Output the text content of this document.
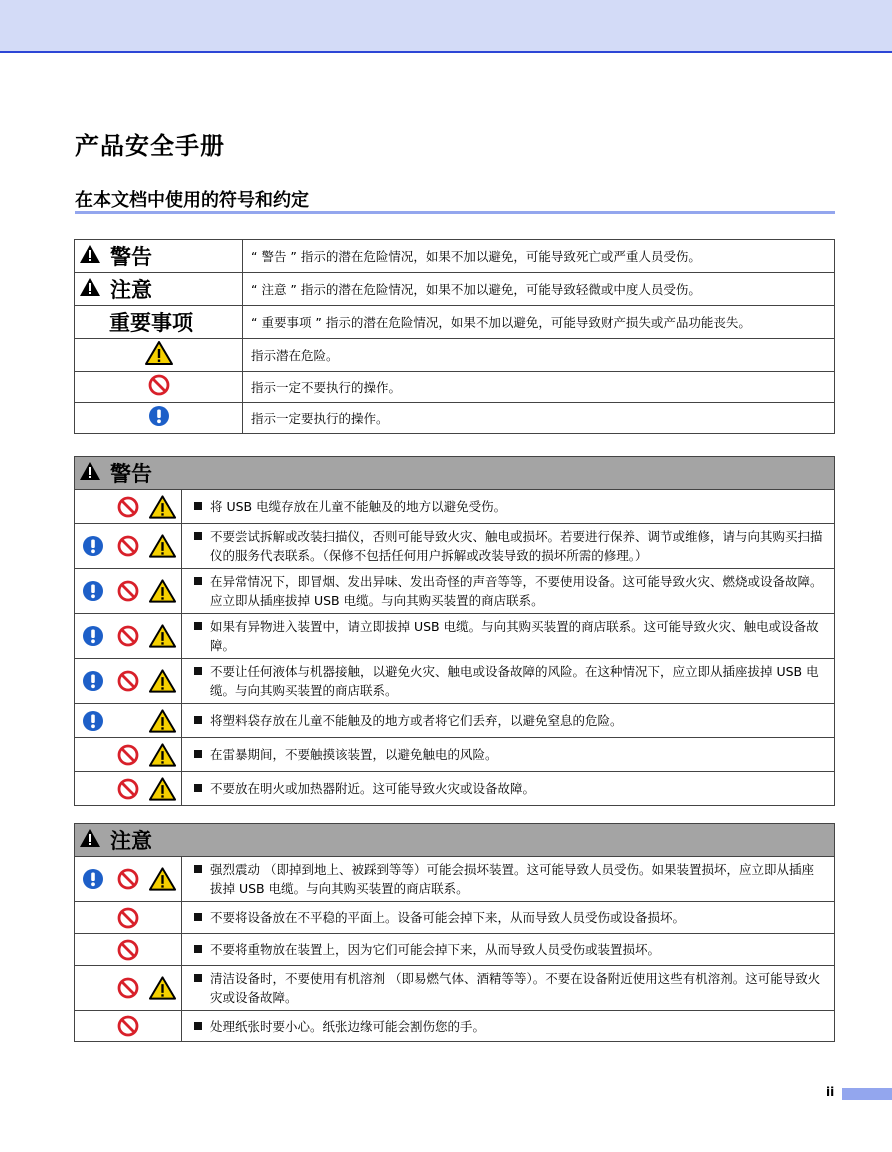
产品安全手册
在本文档中使用的符号和约定
警告	“ 警告 ” 指示的潜在危险情况，如果不加以避免，可能导致死亡或严重人员受伤。

注意	“ 注意 ” 指示的潜在危险情况，如果不加以避免，可能导致轻微或中度人员受伤。

重要事项	“ 重要事项 ” 指示的潜在危险情况，如果不加以避免，可能导致财产损失或产品功能丧失。

	指示潜在危险。

	指示一定不要执行的操作。

	指示一定要执行的操作。
警告	

将 USB 电缆存放在儿童不能触及的地方以避免受伤。

不要尝试拆解或改装扫描仪，否则可能导致火灾、触电或损坏。若要进行保养、调节或维修，请与向其购买扫描仪的服务代表联系。（保修不包括任何用户拆解或改装导致的损坏所需的修理。）

在异常情况下，即冒烟、发出异味、发出奇怪的声音等等，不要使用设备。这可能导致火灾、燃烧或设备故障。应立即从插座拔掉 USB 电缆。与向其购买装置的商店联系。

如果有异物进入装置中，请立即拔掉 USB 电缆。与向其购买装置的商店联系。这可能导致火灾、触电或设备故障。

不要让任何液体与机器接触，以避免火灾、触电或设备故障的风险。在这种情况下，应立即从插座拔掉 USB 电缆。与向其购买装置的商店联系。

将塑料袋存放在儿童不能触及的地方或者将它们丢弃，以避免窒息的危险。

在雷暴期间，不要触摸该装置，以避免触电的风险。

不要放在明火或加热器附近。这可能导致火灾或设备故障。
注意	

强烈震动 （即掉到地上、被踩到等等）可能会损坏装置。这可能导致人员受伤。如果装置损坏，应立即从插座拔掉 USB 电缆。与向其购买装置的商店联系。

不要将设备放在不平稳的平面上。设备可能会掉下来，从而导致人员受伤或设备损坏。

不要将重物放在装置上，因为它们可能会掉下来，从而导致人员受伤或装置损坏。

清洁设备时，不要使用有机溶剂 （即易燃气体、酒精等等）。不要在设备附近使用这些有机溶剂。这可能导致火灾或设备故障。

处理纸张时要小心。纸张边缘可能会割伤您的手。
ii
